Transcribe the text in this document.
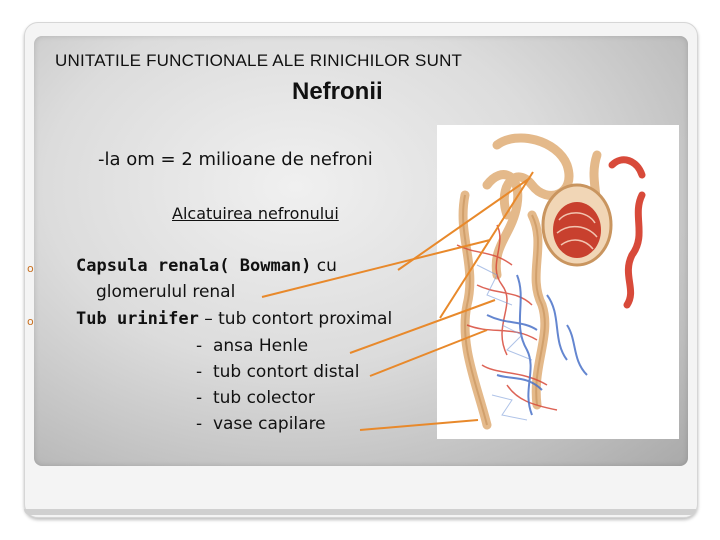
UNITATILE FUNCTIONALE ALE RINICHILOR SUNT
Nefronii
-la om = 2 milioane de nefroni
Alcatuirea nefronului
o Capsula renala( Bowman) cu
glomerulul renal
o Tub urinifer – tub contort proximal
- ansa Henle
- tub contort distal
- tub colector
- vase capilare
